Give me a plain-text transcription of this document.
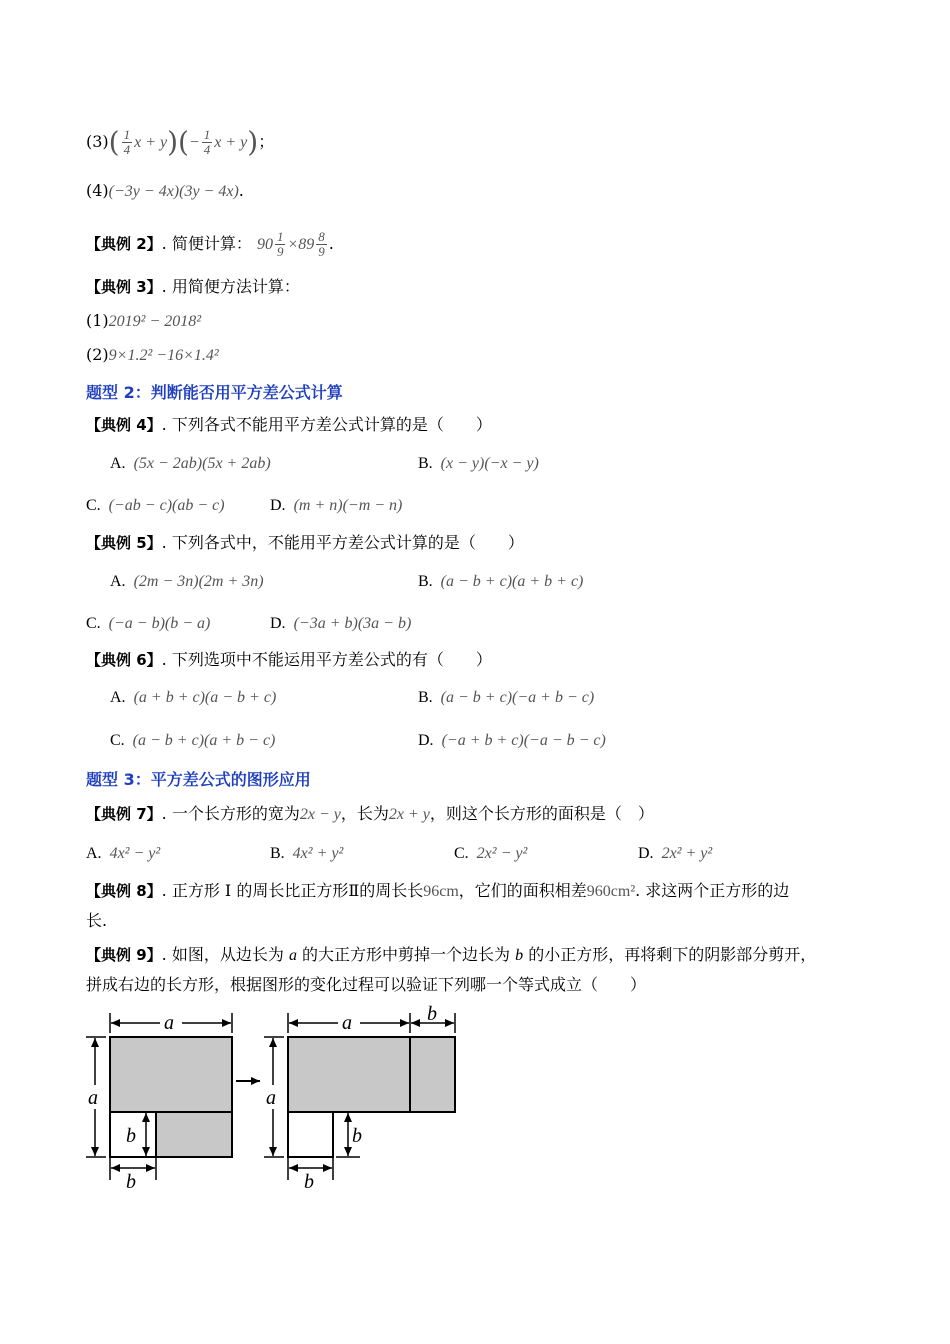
$(3)( \frac{1}{4}$ $x + y)(- \frac{1}{4}$ x + y)；
(4)(−3y − 4x)(3y − 4x).
【典例 2】. 简便计算： $90 \frac{1}{9} \times 89 \frac{8}{9}$ .
【典例 3】. 用简便方法计算：
(1)2019² − 2018²
(2)9×1.2² −16×1.4²
题型 2：判断能否用平方差公式计算
【典例 4】. 下列各式不能用平方差公式计算的是（　　）
A. (5x − 2ab)(5x + 2ab)	B. (x − y)(−x − y)
C. (−ab − c)(ab − c)	D. (m + n)(−m − n)
【典例 5】. 下列各式中，不能用平方差公式计算的是（　　）
A. (2m − 3n)(2m + 3n)	B. (a − b + c)(a + b + c)
C. (−a − b)(b − a)	D. (−3a + b)(3a − b)
【典例 6】. 下列选项中不能运用平方差公式的有（　　）
A. (a + b + c)(a − b + c)	B. (a − b + c)(−a + b − c)
C. (a − b + c)(a + b − c)	D. (−a + b + c)(−a − b − c)
题型 3：平方差公式的图形应用
【典例 7】. 一个长方形的宽为2x − y，长为2x + y，则这个长方形的面积是（　）
A. 4x² − y²	B. 4x² + y²	C. 2x² − y²	D. 2x² + y²
【典例 8】. 正方形 I 的周长比正方形Ⅱ的周长长96cm，它们的面积相差960cm². 求这两个正方形的边
长.
【典例 9】. 如图，从边长为 a 的大正方形中剪掉一个边长为 b 的小正方形，再将剩下的阴影部分剪开，
拼成右边的长方形，根据图形的变化过程可以验证下列哪一个等式成立（　　）
a
a
b
b
a	b
a
b
b
